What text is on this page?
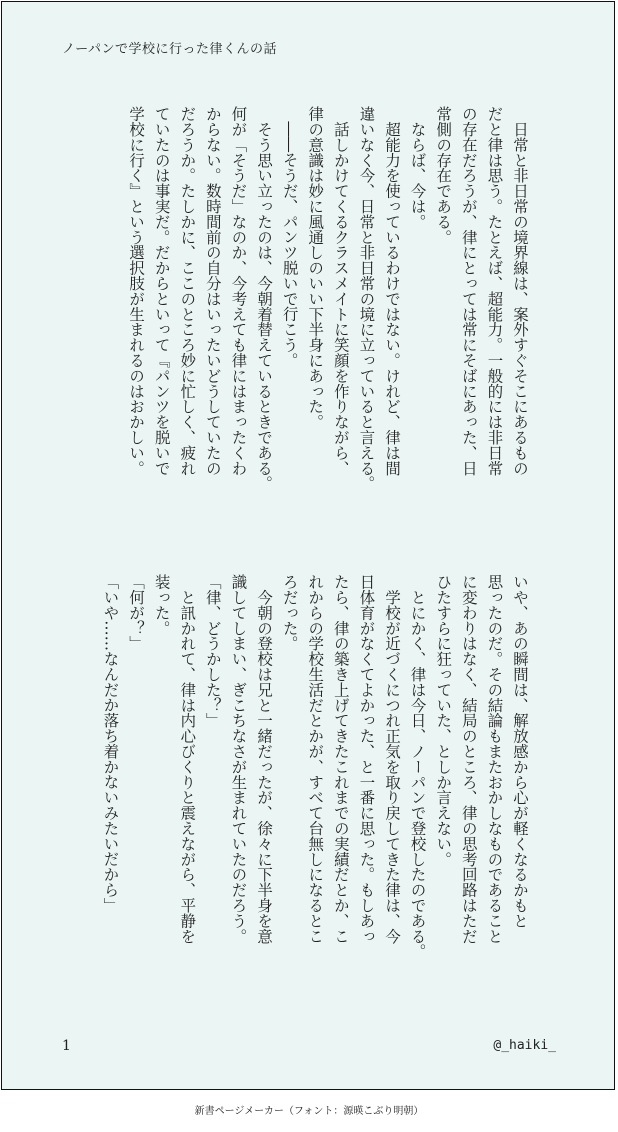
ノーパンで学校に行った律くんの話

　日常と非日常の境界線は、案外すぐそこにあるもの

だと律は思う。たとえば、超能力。一般的には非日常

の存在だろうが、律にとっては常にそばにあった、日

常側の存在である。

　ならば、今は。

　超能力を使っているわけではない。けれど、律は間

違いなく今、日常と非日常の境に立っていると言える。

　話しかけてくるクラスメイトに笑顔を作りながら、

律の意識は妙に風通しのいい下半身にあった。

　――そうだ、パンツ脱いで行こう。

　そう思い立ったのは、今朝着替えているときである。

何が「そうだ」なのか、今考えても律にはまったくわ

からない。数時間前の自分はいったいどうしていたの

だろうか。たしかに、ここのところ妙に忙しく、疲れ

ていたのは事実だ。だからといって『パンツを脱いで

学校に行く』という選択肢が生まれるのはおかしい。

いや、あの瞬間は、解放感から心が軽くなるかもと

思ったのだ。その結論もまたおかしなものであること

に変わりはなく、結局のところ、律の思考回路はただ

ひたすらに狂っていた、としか言えない。

　とにかく、律は今日、ノーパンで登校したのである。

　学校が近づくにつれ正気を取り戻してきた律は、今

日体育がなくてよかった、と一番に思った。もしあっ

たら、律の築き上げてきたこれまでの実績だとか、こ

れからの学校生活だとかが、すべて台無しになるとこ

ろだった。

　今朝の登校は兄と一緒だったが、徐々に下半身を意

識してしまい、ぎこちなさが生まれていたのだろう。

「律、どうかした？」

　と訊かれて、律は内心びくりと震えながら、平静を

装った。

「何が？」

「いや……なんだか落ち着かないみたいだから」

1	@_haiki_
新書ページメーカー（フォント：源暎こぶり明朝）
